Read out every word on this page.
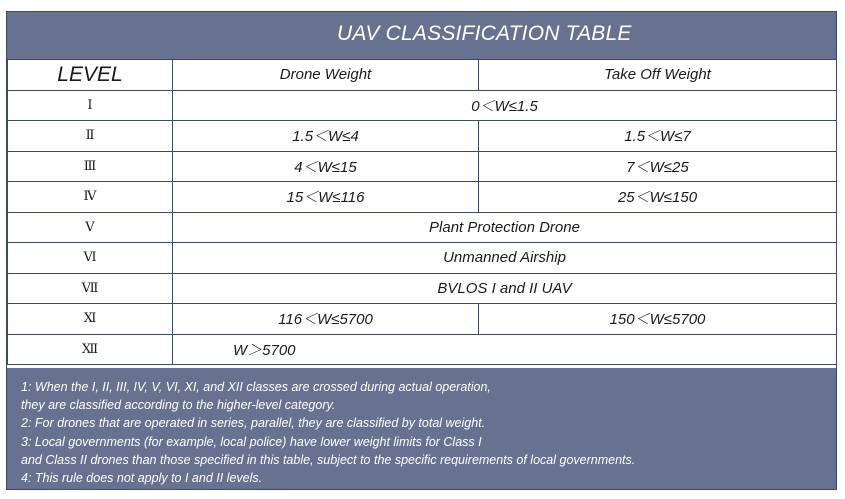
UAV CLASSIFICATION TABLE
LEVEL	Drone Weight	Take Off Weight
Ⅰ	0＜W≤1.5	
Ⅱ	1.5＜W≤4	1.5＜W≤7
Ⅲ	4＜W≤15	7＜W≤25
Ⅳ	15＜W≤116	25＜W≤150
Ⅴ	Plant Protection Drone	
Ⅵ	Unmanned Airship	
Ⅶ	BVLOS I and II UAV	
Ⅺ	116＜W≤5700	150＜W≤5700
Ⅻ	W＞5700	
1: When the I, II, III, IV, V, VI, XI, and XII classes are crossed during actual operation,
they are classified according to the higher-level category.
2: For drones that are operated in series, parallel, they are classified by total weight.
3: Local governments (for example, local police) have lower weight limits for Class I
and Class II drones than those specified in this table, subject to the specific requirements of local governments.
4: This rule does not apply to I and II levels.
